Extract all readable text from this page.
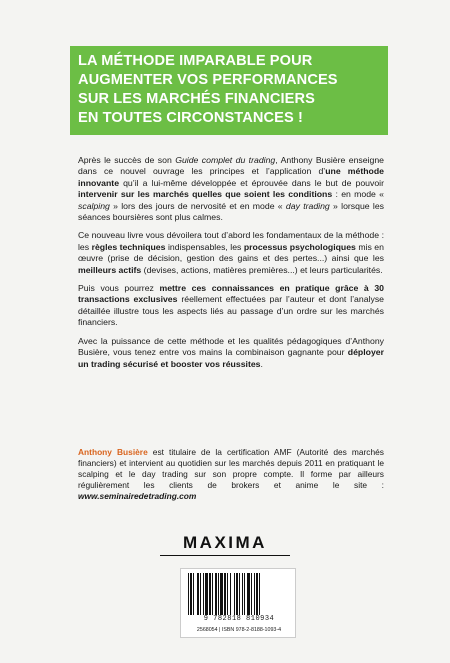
LA MÉTHODE IMPARABLE POUR
AUGMENTER VOS PERFORMANCES
SUR LES MARCHÉS FINANCIERS
EN TOUTES CIRCONSTANCES !

Après le succès de son Guide complet du trading, Anthony Busière enseigne dans ce nouvel ouvrage les principes et l’application d’une méthode innovante qu’il a lui-même développée et éprouvée dans le but de pouvoir intervenir sur les marchés quelles que soient les conditions : en mode « scalping » lors des jours de nervosité et en mode « day trading » lorsque les séances boursières sont plus calmes.

Ce nouveau livre vous dévoilera tout d’abord les fondamentaux de la méthode : les règles techniques indispensables, les processus psychologiques mis en œuvre (prise de décision, gestion des gains et des pertes...) ainsi que les meilleurs actifs (devises, actions, matières premières...) et leurs particularités.

Puis vous pourrez mettre ces connaissances en pratique grâce à 30 transactions exclusives réellement effectuées par l’auteur et dont l’analyse détaillée illustre tous les aspects liés au passage d’un ordre sur les marchés financiers.

Avec la puissance de cette méthode et les qualités pédagogiques d’Anthony Busière, vous tenez entre vos mains la combinaison gagnante pour déployer un trading sécurisé et booster vos réussites.

Anthony Busière est titulaire de la certification AMF (Autorité des marchés financiers) et intervient au quotidien sur les marchés depuis 2011 en pratiquant le scalping et le day trading sur son propre compte. Il forme par ailleurs régulièrement les clients de brokers et anime le site : www.seminairedetrading.com
MAXIMA
9 782818 810934
2568054 | ISBN 978-2-8188-1093-4
